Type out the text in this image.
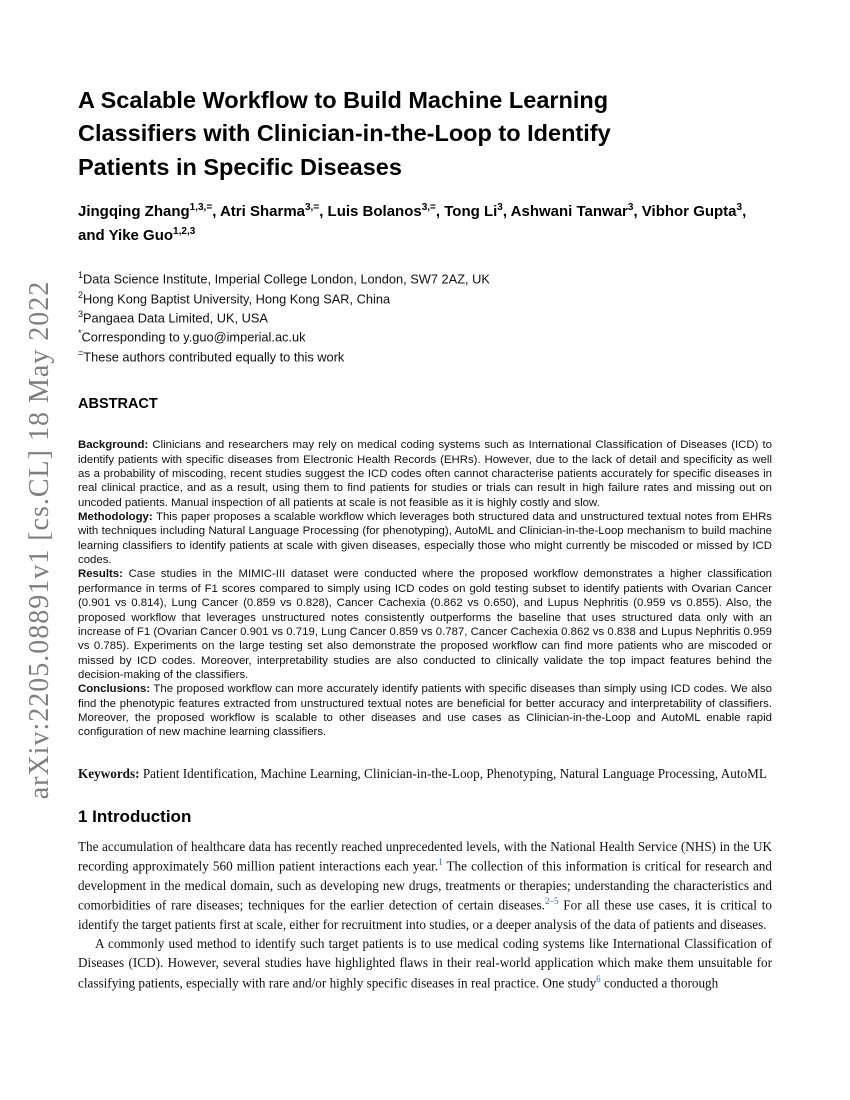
arXiv:2205.08891v1 [cs.CL] 18 May 2022
A Scalable Workflow to Build Machine Learning
Classifiers with Clinician-in-the-Loop to Identify
Patients in Specific Diseases
Jingqing Zhang$^{1,3,=}$, Atri Sharma$^{3,=}$, Luis Bolanos$^{3,=}$, Tong Li$^3$, Ashwani Tanwar$^3$, Vibhor Gupta$^3$, and Yike Guo$^{1,2,3}$
$^1$Data Science Institute, Imperial College London, London, SW7 2AZ, UK
$^2$Hong Kong Baptist University, Hong Kong SAR, China
$^3$Pangaea Data Limited, UK, USA
*Corresponding to y.guo@imperial.ac.uk
=These authors contributed equally to this work
ABSTRACT

Background: Clinicians and researchers may rely on medical coding systems such as International Classification of Diseases (ICD) to identify patients with specific diseases from Electronic Health Records (EHRs). However, due to the lack of detail and specificity as well as a probability of miscoding, recent studies suggest the ICD codes often cannot characterise patients accurately for specific diseases in real clinical practice, and as a result, using them to find patients for studies or trials can result in high failure rates and missing out on uncoded patients. Manual inspection of all patients at scale is not feasible as it is highly costly and slow.

Methodology: This paper proposes a scalable workflow which leverages both structured data and unstructured textual notes from EHRs with techniques including Natural Language Processing (for phenotyping), AutoML and Clinician-in-the-Loop mechanism to build machine learning classifiers to identify patients at scale with given diseases, especially those who might currently be miscoded or missed by ICD codes.

Results: Case studies in the MIMIC-III dataset were conducted where the proposed workflow demonstrates a higher classification performance in terms of F1 scores compared to simply using ICD codes on gold testing subset to identify patients with Ovarian Cancer (0.901 vs 0.814), Lung Cancer (0.859 vs 0.828), Cancer Cachexia (0.862 vs 0.650), and Lupus Nephritis (0.959 vs 0.855). Also, the proposed workflow that leverages unstructured notes consistently outperforms the baseline that uses structured data only with an increase of F1 (Ovarian Cancer 0.901 vs 0.719, Lung Cancer 0.859 vs 0.787, Cancer Cachexia 0.862 vs 0.838 and Lupus Nephritis 0.959 vs 0.785). Experiments on the large testing set also demonstrate the proposed workflow can find more patients who are miscoded or missed by ICD codes. Moreover, interpretability studies are also conducted to clinically validate the top impact features behind the decision-making of the classifiers.

Conclusions: The proposed workflow can more accurately identify patients with specific diseases than simply using ICD codes. We also find the phenotypic features extracted from unstructured textual notes are beneficial for better accuracy and interpretability of classifiers. Moreover, the proposed workflow is scalable to other diseases and use cases as Clinician-in-the-Loop and AutoML enable rapid configuration of new machine learning classifiers.

Keywords: Patient Identification, Machine Learning, Clinician-in-the-Loop, Phenotyping, Natural Language Processing, AutoML
1 Introduction

The accumulation of healthcare data has recently reached unprecedented levels, with the National Health Service (NHS) in the UK recording approximately 560 million patient interactions each year.$^1$ The collection of this information is critical for research and development in the medical domain, such as developing new drugs, treatments or therapies; understanding the characteristics and comorbidities of rare diseases; techniques for the earlier detection of certain diseases.$^{2-5}$ For all these use cases, it is critical to identify the target patients first at scale, either for recruitment into studies, or a deeper analysis of the data of patients and diseases.

A commonly used method to identify such target patients is to use medical coding systems like International Classification of Diseases (ICD). However, several studies have highlighted flaws in their real-world application which make them unsuitable for classifying patients, especially with rare and/or highly specific diseases in real practice. One study$^6$ conducted a thorough
